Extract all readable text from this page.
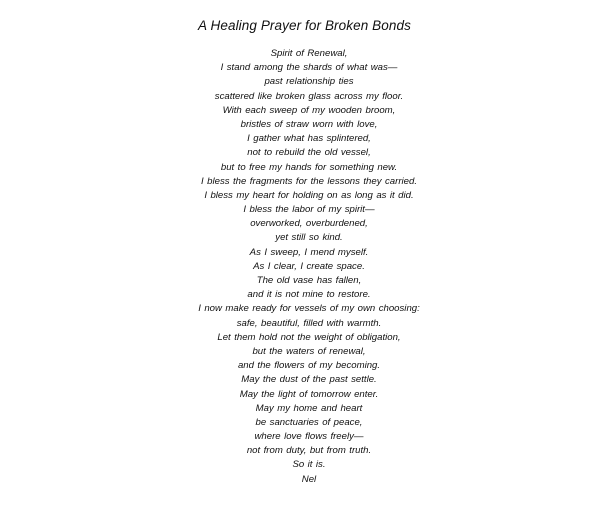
A Healing Prayer for Broken Bonds
Spirit of Renewal,
I stand among the shards of what was—
past relationship ties
scattered like broken glass across my floor.
With each sweep of my wooden broom,
bristles of straw worn with love,
I gather what has splintered,
not to rebuild the old vessel,
but to free my hands for something new.
I bless the fragments for the lessons they carried.
I bless my heart for holding on as long as it did.
I bless the labor of my spirit—
overworked, overburdened,
yet still so kind.
As I sweep, I mend myself.
As I clear, I create space.
The old vase has fallen,
and it is not mine to restore.
I now make ready for vessels of my own choosing:
safe, beautiful, filled with warmth.
Let them hold not the weight of obligation,
but the waters of renewal,
and the flowers of my becoming.
May the dust of the past settle.
May the light of tomorrow enter.
May my home and heart
be sanctuaries of peace,
where love flows freely—
not from duty, but from truth.
So it is.
Nel
